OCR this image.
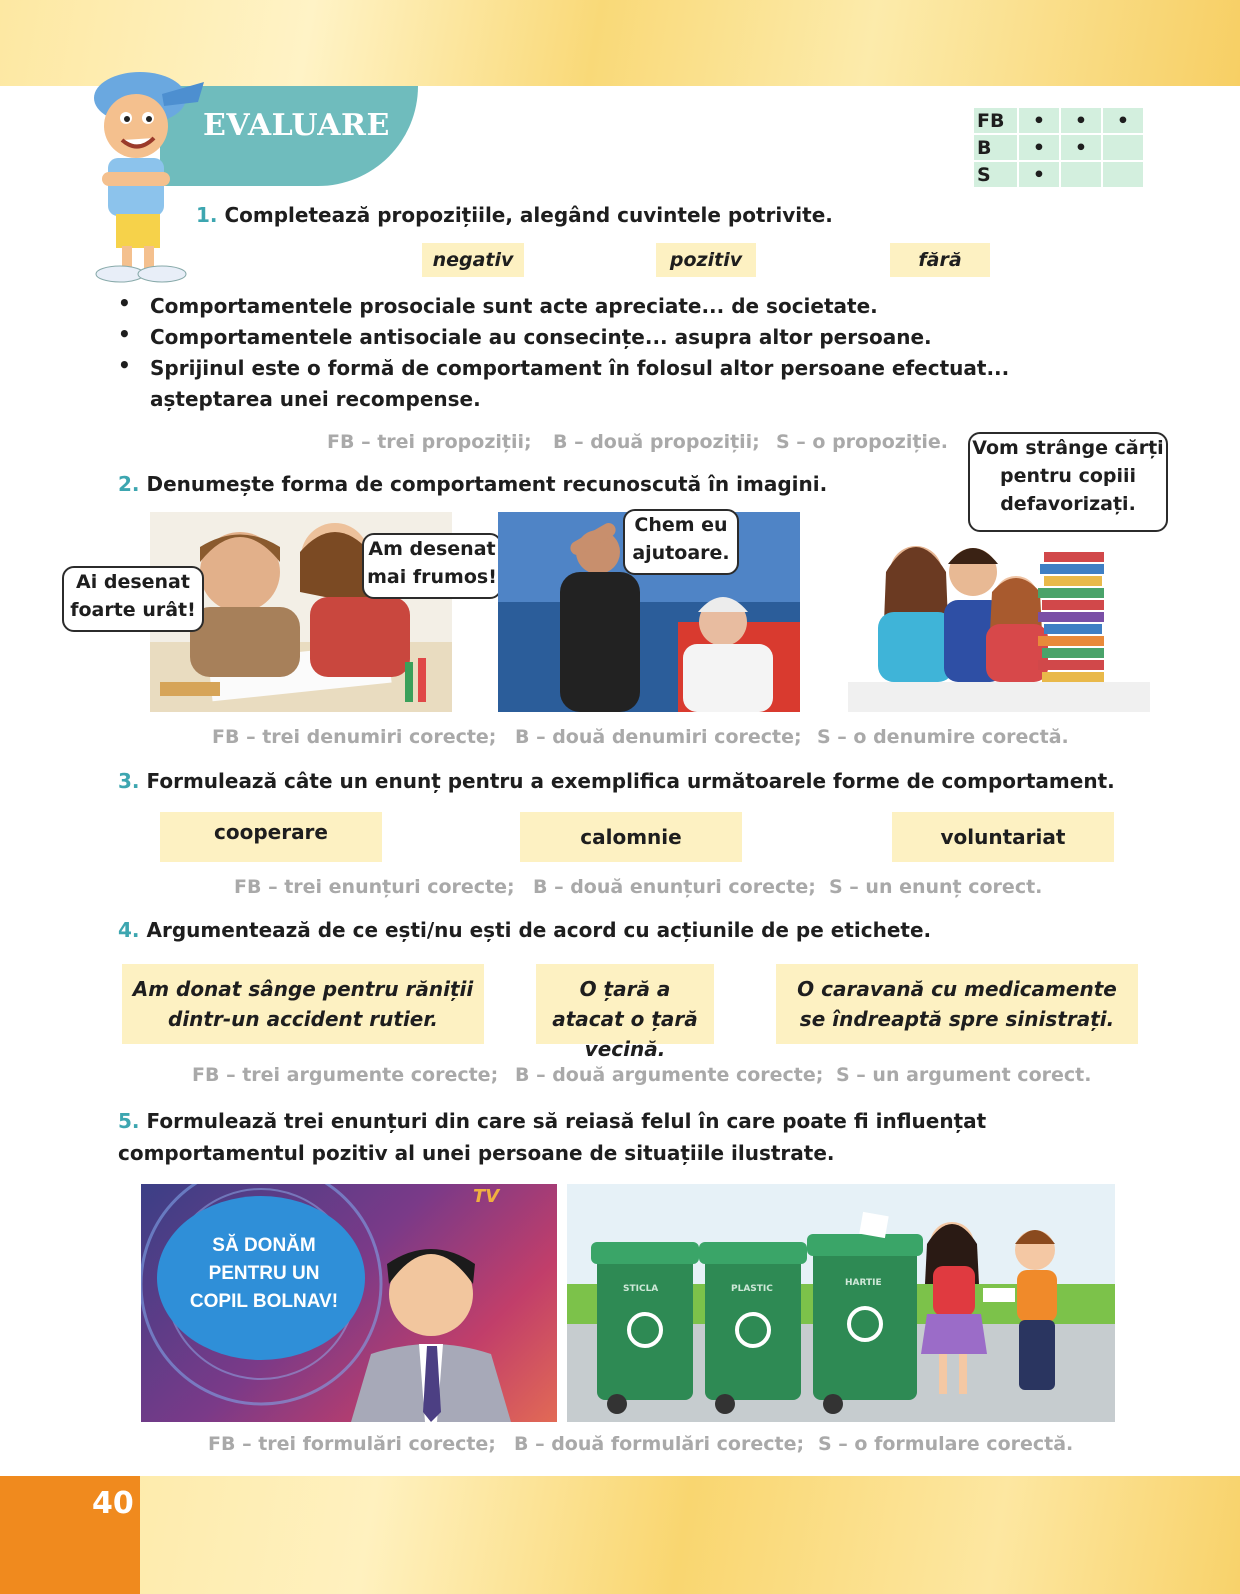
40
EVALUARE	FB	•	•	•
B	•	•	
S	•		
1. Completează propozițiile, alegând cuvintele potrivite.
negativ	pozitiv	fără
• Comportamentele prosociale sunt acte apreciate... de societate.
• Comportamentele antisociale au consecințe... asupra altor persoane.
• Sprijinul este o formă de comportament în folosul altor persoane efectuat... așteptarea unei recompense.
FB – trei propoziții; B – două propoziții; S – o propoziție.
2. Denumește forma de comportament recunoscută în imagini.
Ai desenat foarte urât!
Am desenat mai frumos!
Chem eu ajutoare.
Vom strânge cărți pentru copiii defavorizați.
FB – trei denumiri corecte; B – două denumiri corecte; S – o denumire corectă.
3. Formulează câte un enunț pentru a exemplifica următoarele forme de comportament.
cooperare	calomnie	voluntariat
FB – trei enunțuri corecte; B – două enunțuri corecte; S – un enunț corect.
4. Argumentează de ce ești/nu ești de acord cu acțiunile de pe etichete.
Am donat sânge pentru răniții dintr-un accident rutier.
O țară a atacat o țară vecină.
O caravană cu medicamente se îndreaptă spre sinistrați.
FB – trei argumente corecte; B – două argumente corecte; S – un argument corect.
5. Formulează trei enunțuri din care să reiasă felul în care poate fi influențat comportamentul pozitiv al unei persoane de situațiile ilustrate.
TV
SĂ DONĂM PENTRU UN COPIL BOLNAV!
STICLA	PLASTIC
HARTIE
FB – trei formulări corecte; B – două formulări corecte; S – o formulare corectă.
